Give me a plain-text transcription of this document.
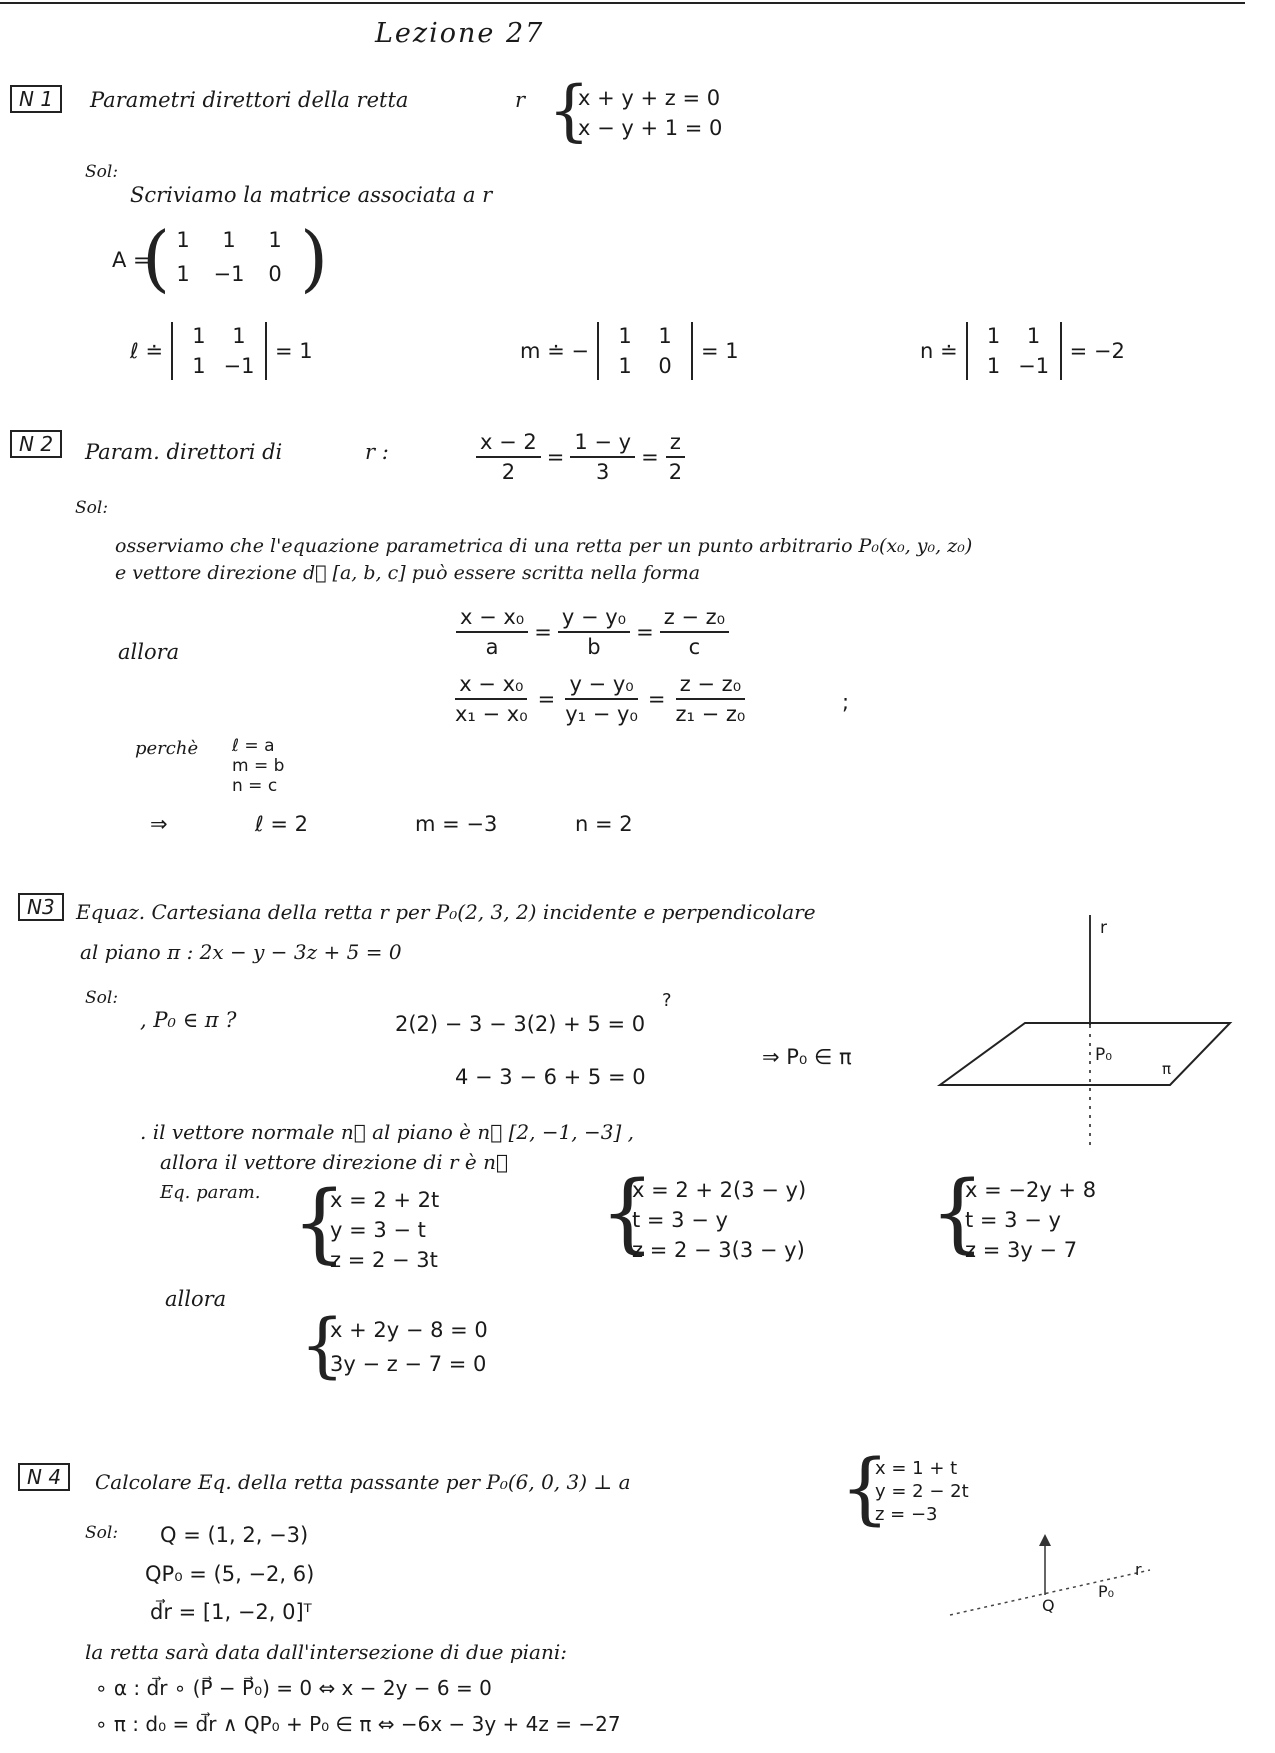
Lezione 27
N 1	Parametri direttori della retta	r {
x + y + z = 0
x − y + 1 = 0
Sol:
Scriviamo la matrice associata a r
A =
( 1	1	1
1	−1	0 )
ℓ ≐
1	1
1 −1
= 1	m ≐ −
1	1
1	0
= 1	n ≐
1	1
1 −1
= −2
N 2	Param. direttori di	r :	$\frac{x - 2}{2} = \frac{1 - y}{3} = \frac{z}{2}$
Sol:
osserviamo che l'equazione parametrica di una retta per un punto arbitrario P₀(x₀, y₀, z₀)
e vettore direzione d⃗ [a, b, c] può essere scritta nella forma
$\frac{\text{x − x₀}}{a} = \frac{\text{y − y₀}}{b} = \frac{\text{z − z₀}}{c}$
allora
$\frac{\text{x − x₀}}{\text{x₁ − x₀}} = \frac{\text{y − y₀}}{\text{y₁ − y₀}} = \frac{\text{z − z₀}}{\text{z₁ − z₀}}$	;
perchè ℓ = a
m = b
n = c
⇒	ℓ = 2	m = −3	n = 2
N3	Equaz. Cartesiana della retta r per P₀(2, 3, 2) incidente e perpendicolare
al piano π : 2x − y − 3z + 5 = 0
Sol:
, P₀ ∈ π ?
?
2(2) − 3 − 3(2) + 5 = 0
4 − 3 − 6 + 5 = 0
⇒ P₀ ∈ π
r
P₀
π
. il vettore normale n⃗ al piano è n⃗ [2, −1, −3] ,
allora il vettore direzione di r è n⃗
Eq. param. {
x = 2 + 2t
y = 3 − t
z = 2 − 3t {
x = 2 + 2(3 − y)
t = 3 − y
z = 2 − 3(3 − y) {
x = −2y + 8
t = 3 − y
z = 3y − 7
allora
{
x + 2y − 8 = 0
3y − z − 7 = 0
N 4	Calcolare Eq. della retta passante per P₀(6, 0, 3) ⊥ a	{
x = 1 + t
y = 2 − 2t
z = −3
Q
P₀
r
Sol: Q = (1, 2, −3)
QP₀ = (5, −2, 6)
d⃗r = [1, −2, 0]ᵀ
la retta sarà data dall'intersezione di due piani:
∘ α : d⃗r ∘ (P⃗ − P⃗₀) = 0 ⇔ x − 2y − 6 = 0
∘ π : d₀ = d⃗r ∧ QP₀ + P₀ ∈ π ⇔ −6x − 3y + 4z = −27
